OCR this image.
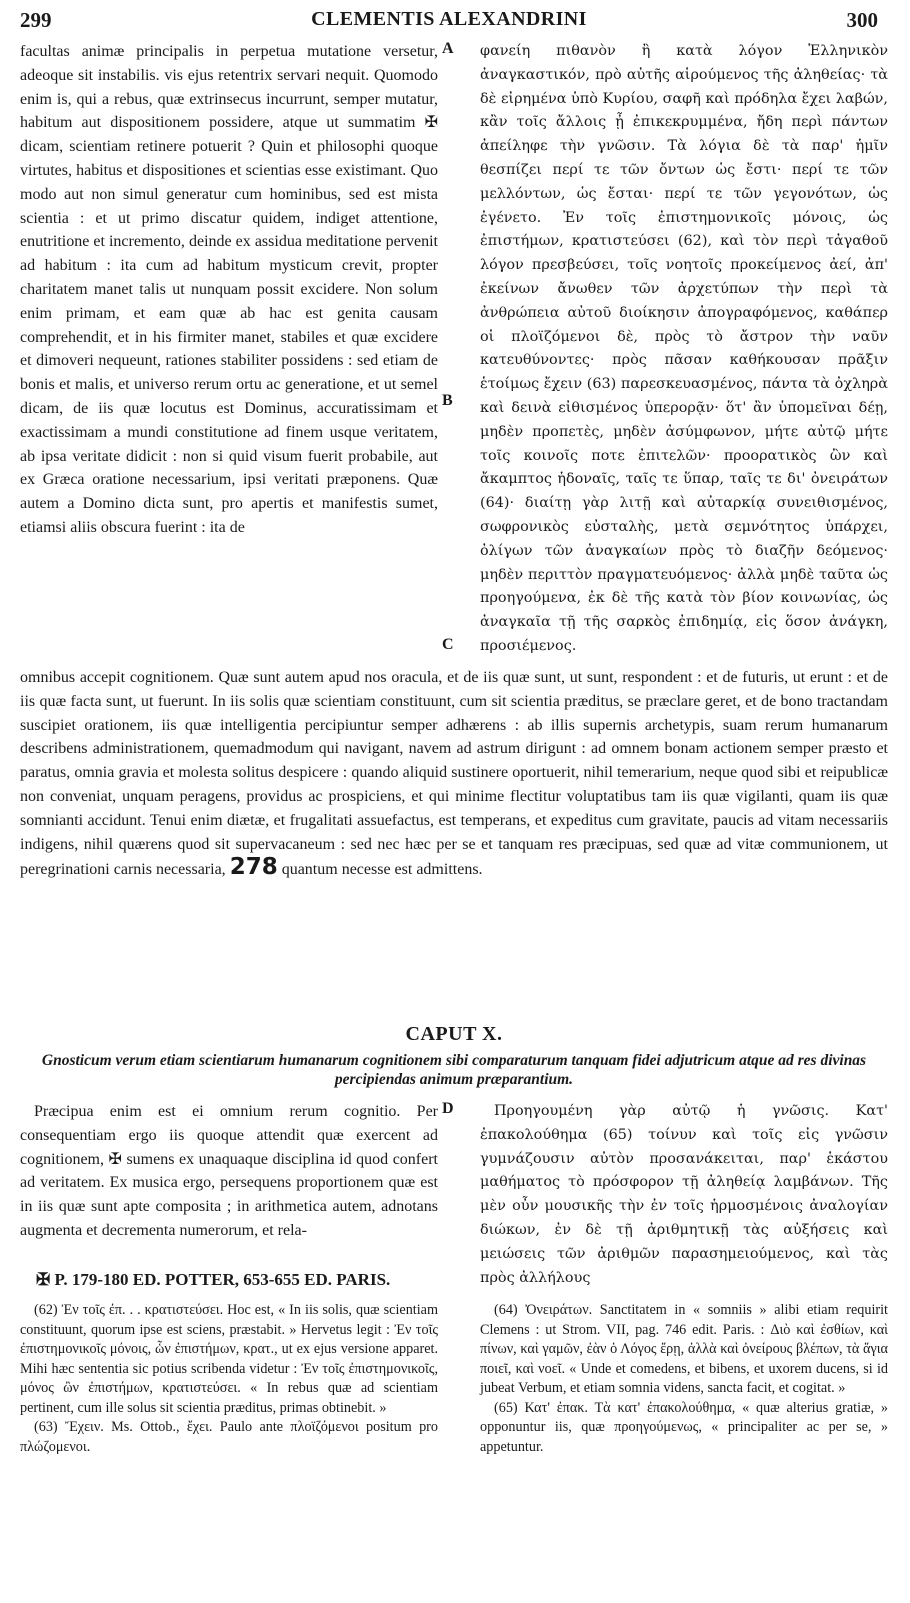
299	CLEMENTIS ALEXANDRINI	300
facultas animæ principalis in perpetua mutatione versetur, adeoque sit instabilis. vis ejus retentrix servari nequit. Quomodo enim is, qui a rebus, quæ extrinsecus incurrunt, semper mutatur, habitum aut dispositionem possidere, atque ut summatim ✠ dicam, scientiam retinere potuerit ? Quin et philosophi quoque virtutes, habitus et dispositiones et scientias esse existimant. Quo modo aut non simul generatur cum hominibus, sed est mista scientia : et ut primo discatur quidem, indiget attentione, enutritione et incremento, deinde ex assidua meditatione pervenit ad habitum : ita cum ad habitum mysticum crevit, propter charitatem manet talis ut nunquam possit excidere. Non solum enim primam, et eam quæ ab hac est genita causam comprehendit, et in his firmiter manet, stabiles et quæ excidere et dimoveri nequeunt, rationes stabiliter possidens : sed etiam de bonis et malis, et universo rerum ortu ac generatione, et ut semel dicam, de iis quæ locutus est Dominus, accuratissimam et exactissimam a mundi constitutione ad finem usque veritatem, ab ipsa veritate didicit : non si quid visum fuerit probabile, aut ex Græca oratione necessarium, ipsi veritati præponens. Quæ autem a Domino dicta sunt, pro apertis et manifestis sumet, etiamsi aliis obscura fuerint : ita de
φανείη πιθανὸν ἢ κατὰ λόγον Ἑλληνικὸν ἀναγκαστικόν, πρὸ αὐτῆς αἱρούμενος τῆς ἀληθείας· τὰ δὲ εἰρημένα ὑπὸ Κυρίου, σαφῆ καὶ πρόδηλα ἔχει λαβών, κἂν τοῖς ἄλλοις ᾖ ἐπικεκρυμμένα, ἤδη περὶ πάντων ἀπείληφε τὴν γνῶσιν. Τὰ λόγια δὲ τὰ παρ' ἡμῖν θεσπίζει περί τε τῶν ὄντων ὡς ἔστι· περί τε τῶν μελλόντων, ὡς ἔσται· περί τε τῶν γεγονότων, ὡς ἐγένετο. Ἐν τοῖς ἐπιστημονικοῖς μόνοις, ὡς ἐπιστήμων, κρατιστεύσει (62), καὶ τὸν περὶ τἀγαθοῦ λόγον πρεσβεύσει, τοῖς νοητοῖς προκείμενος ἀεί, ἀπ' ἐκείνων ἄνωθεν τῶν ἀρχετύπων τὴν περὶ τὰ ἀνθρώπεια αὐτοῦ διοίκησιν ἀπογραφόμενος, καθάπερ οἱ πλοϊζόμενοι δὲ, πρὸς τὸ ἄστρον τὴν ναῦν κατευθύνοντες· πρὸς πᾶσαν καθήκουσαν πρᾶξιν ἑτοίμως ἔχειν (63) παρεσκευασμένος, πάντα τὰ ὀχληρὰ καὶ δεινὰ εἰθισμένος ὑπερορᾷν· ὅτ' ἂν ὑπομεῖναι δέῃ, μηδὲν προπετὲς, μηδὲν ἀσύμφωνον, μήτε αὐτῷ μήτε τοῖς κοινοῖς ποτε ἐπιτελῶν· προορατικὸς ὢν καὶ ἄκαμπτος ἡδοναῖς, ταῖς τε ὕπαρ, ταῖς τε δι' ὀνειράτων (64)· διαίτῃ γὰρ λιτῇ καὶ αὐταρκίᾳ συνειθισμένος, σωφρονικὸς εὐσταλὴς, μετὰ σεμνότητος ὑπάρχει, ὀλίγων τῶν ἀναγκαίων πρὸς τὸ διαζῆν δεόμενος· μηδὲν περιττὸν πραγματευόμενος· ἀλλὰ μηδὲ ταῦτα ὡς προηγούμενα, ἐκ δὲ τῆς κατὰ τὸν βίον κοινωνίας, ὡς ἀναγκαῖα τῇ τῆς σαρκὸς ἐπιδημίᾳ, εἰς ὅσον ἀνάγκη, προσιέμενος.
A
B
C
omnibus accepit cognitionem. Quæ sunt autem apud nos oracula, et de iis quæ sunt, ut sunt, respondent : et de futuris, ut erunt : et de iis quæ facta sunt, ut fuerunt. In iis solis quæ scientiam constituunt, cum sit scientia præditus, se præclare geret, et de bono tractandam suscipiet orationem, iis quæ intelligentia percipiuntur semper adhærens : ab illis supernis archetypis, suam rerum humanarum describens administrationem, quemadmodum qui navigant, navem ad astrum dirigunt : ad omnem bonam actionem semper præsto et paratus, omnia gravia et molesta solitus despicere : quando aliquid sustinere oportuerit, nihil temerarium, neque quod sibi et reipublicæ non conveniat, unquam peragens, providus ac prospiciens, et qui minime flectitur voluptatibus tam iis quæ vigilanti, quam iis quæ somnianti accidunt. Tenui enim diætæ, et frugalitati assuefactus, est temperans, et expeditus cum gravitate, paucis ad vitam necessariis indigens, nihil quærens quod sit supervacaneum : sed nec hæc per se et tanquam res præcipuas, sed quæ ad vitæ communionem, ut peregrinationi carnis necessaria, 278 quantum necesse est admittens.
CAPUT X.
Gnosticum verum etiam scientiarum humanarum cognitionem sibi comparaturum tanquam fidei adjutricum atque ad res divinas percipiendas animum præparantium.
Præcipua enim est ei omnium rerum cognitio. Per consequentiam ergo iis quoque attendit quæ exercent ad cognitionem, ✠ sumens ex unaquaque disciplina id quod confert ad veritatem. Ex musica ergo, persequens proportionem quæ est in iis quæ sunt apte composita ; in arithmetica autem, adnotans augmenta et decrementa numerorum, et rela-
D	Προηγουμένη γὰρ αὐτῷ ἡ γνῶσις. Κατ' ἐπακολούθημα (65) τοίνυν καὶ τοῖς εἰς γνῶσιν γυμνάζουσιν αὐτὸν προσανάκειται, παρ' ἑκάστου μαθήματος τὸ πρόσφορον τῇ ἀληθείᾳ λαμβάνων. Τῆς μὲν οὖν μουσικῆς τὴν ἐν τοῖς ἡρμοσμένοις ἀναλογίαν διώκων, ἐν δὲ τῇ ἀριθμητικῇ τὰς αὐξήσεις καὶ μειώσεις τῶν ἀριθμῶν παρασημειούμενος, καὶ τὰς πρὸς ἀλλήλους
✠ P. 179-180 ED. POTTER, 653-655 ED. PARIS.

(62) Ἐν τοῖς ἐπ. . . κρατιστεύσει. Hoc est, « In iis solis, quæ scientiam constituunt, quorum ipse est sciens, præstabit. » Hervetus legit : Ἐν τοῖς ἐπιστημονικοῖς μόνοις, ὧν ἐπιστήμων, κρατ., ut ex ejus versione apparet. Mihi hæc sententia sic potius scribenda videtur : Ἐν τοῖς ἐπιστημονικοῖς, μόνος ὢν ἐπιστήμων, κρατιστεύσει. « In rebus quæ ad scientiam pertinent, cum ille solus sit scientia præditus, primas obtinebit. »

(63) Ἔχειν. Ms. Ottob., ἔχει. Paulo ante πλοϊζόμενοι positum pro πλώζομενοι.

(64) Ὀνειράτων. Sanctitatem in « somniis » alibi etiam requirit Clemens : ut Strom. VII, pag. 746 edit. Paris. : Διὸ καὶ ἐσθίων, καὶ πίνων, καὶ γαμῶν, ἐὰν ὁ Λόγος ἔρῃ, ἀλλὰ καὶ ὀνείρους βλέπων, τὰ ἅγια ποιεῖ, καὶ νοεῖ. « Unde et comedens, et bibens, et uxorem ducens, si id jubeat Verbum, et etiam somnia videns, sancta facit, et cogitat. »

(65) Κατ' ἐπακ. Τὰ κατ' ἐπακολούθημα, « quæ alterius gratiæ, » opponuntur iis, quæ προηγούμενως, « principaliter ac per se, » appetuntur.
